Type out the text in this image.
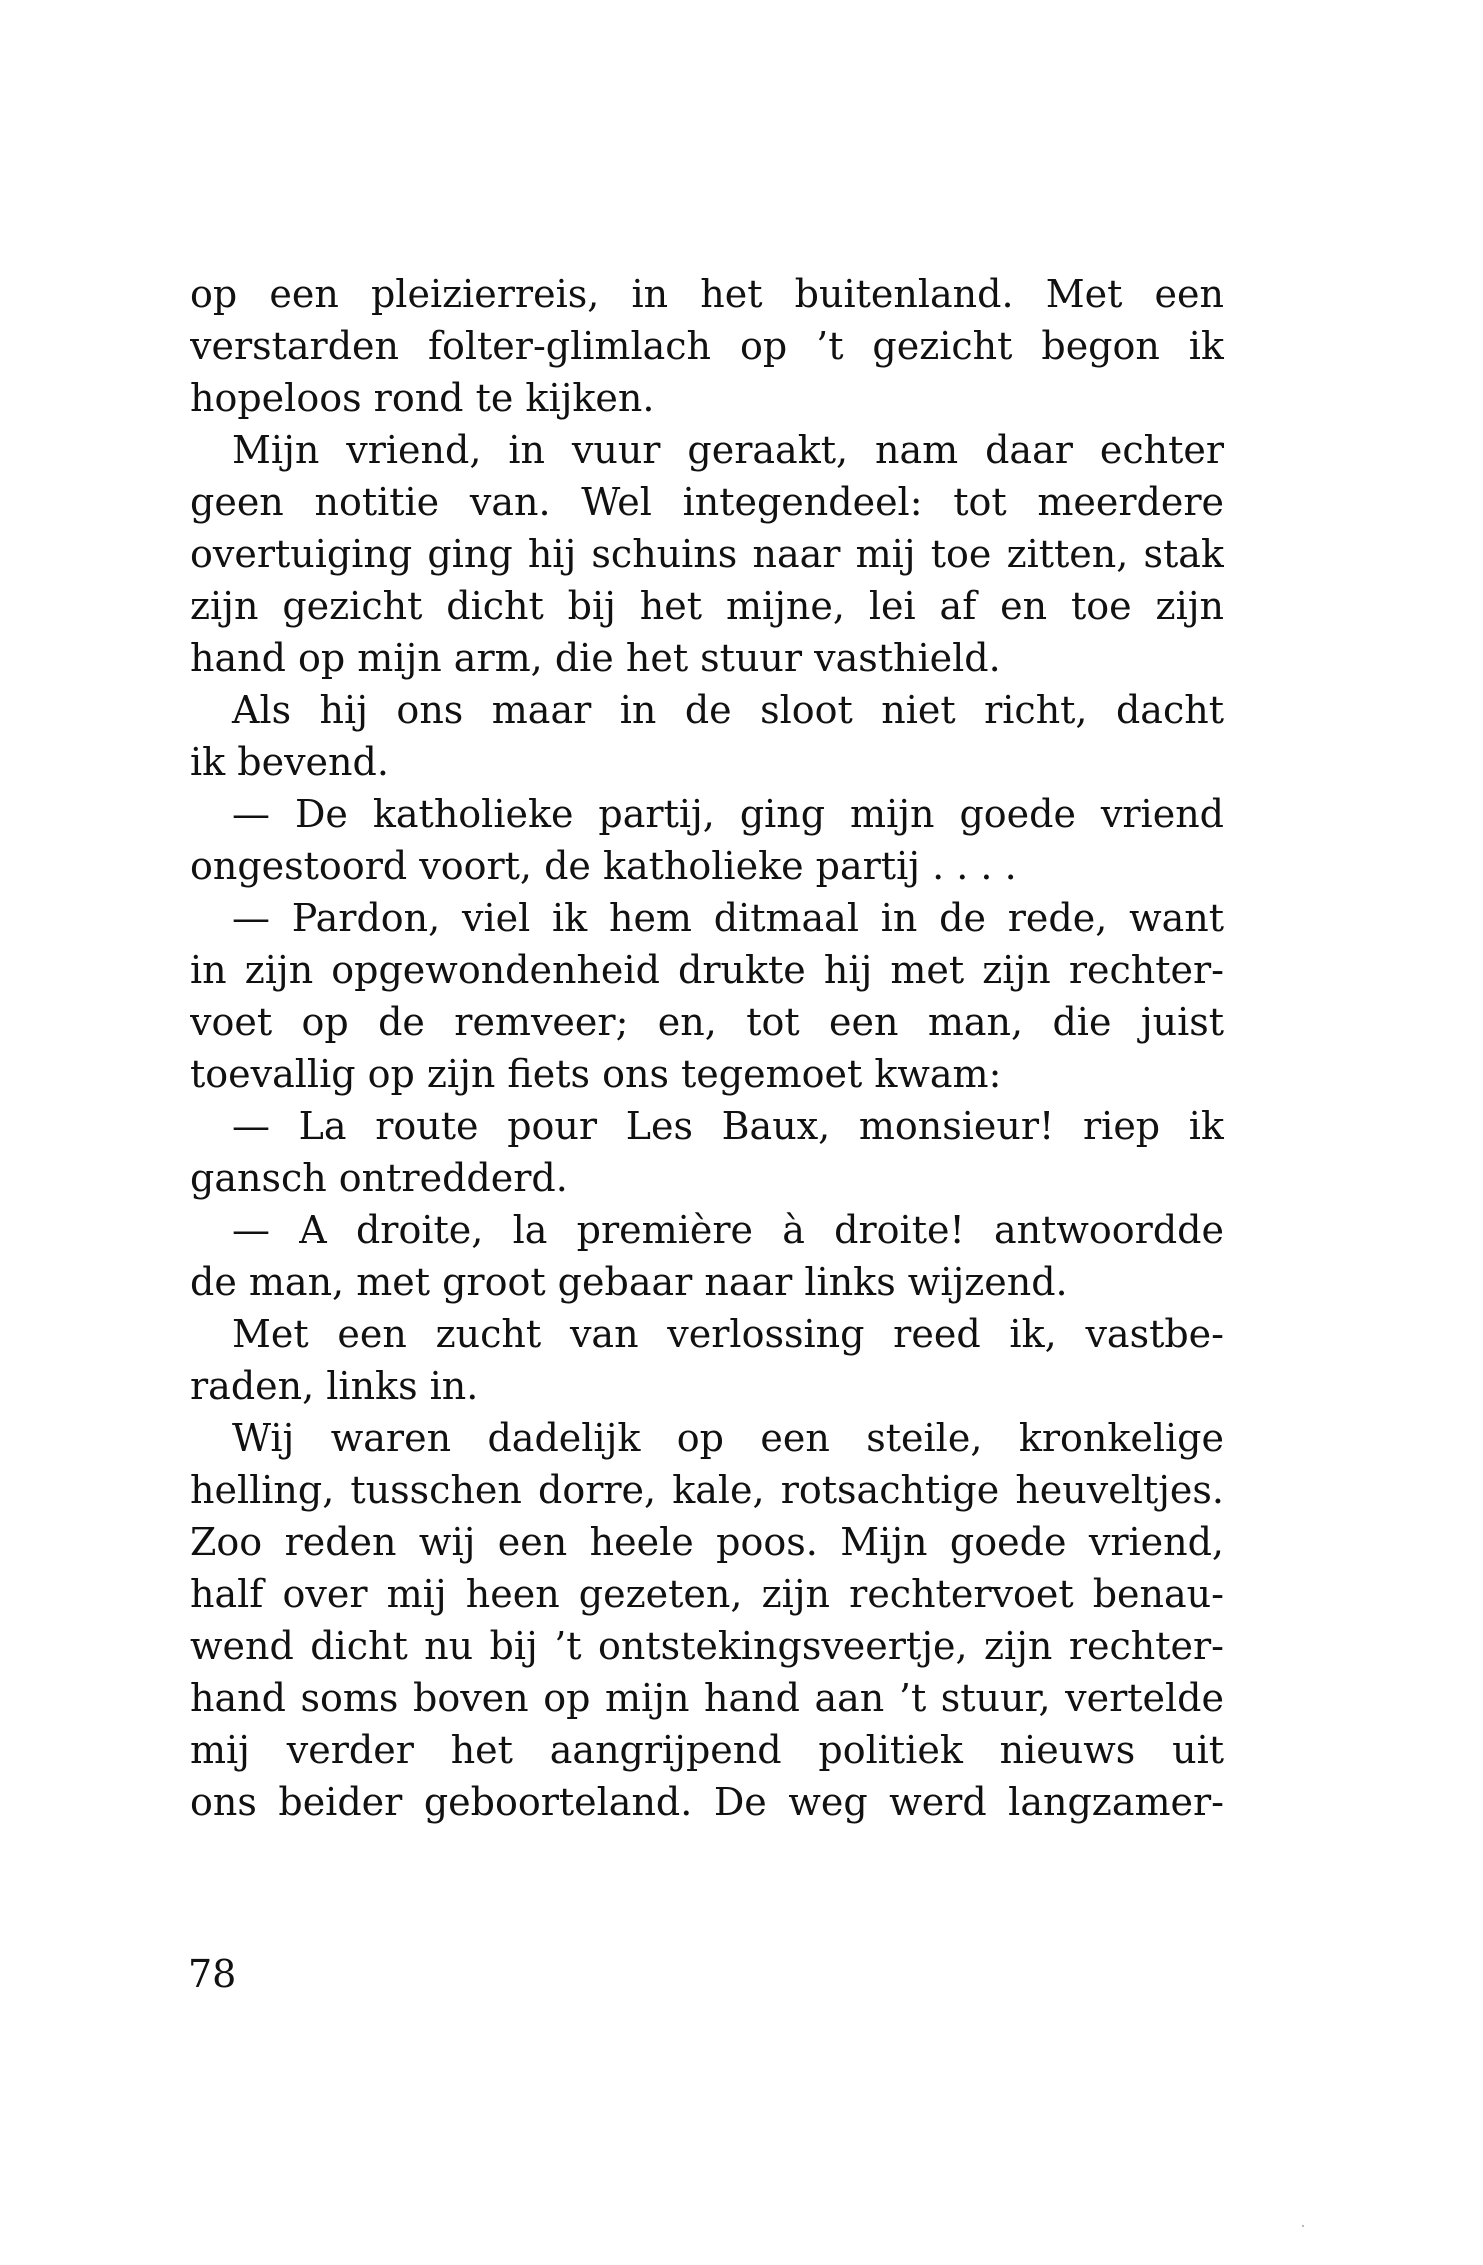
op een pleizierreis, in het buitenland. Met een
verstarden folter-glimlach op ’t gezicht begon ik
hopeloos rond te kijken.
Mijn vriend, in vuur geraakt, nam daar echter
geen notitie van. Wel integendeel: tot meerdere
overtuiging ging hij schuins naar mij toe zitten, stak
zijn gezicht dicht bij het mijne, lei af en toe zijn
hand op mijn arm, die het stuur vasthield.
Als hij ons maar in de sloot niet richt, dacht
ik bevend.
— De katholieke partij, ging mijn goede vriend
ongestoord voort, de katholieke partij . . . .
— Pardon, viel ik hem ditmaal in de rede, want
in zijn opgewondenheid drukte hij met zijn rechter-
voet op de remveer; en, tot een man, die juist
toevallig op zijn fiets ons tegemoet kwam:
— La route pour Les Baux, monsieur! riep ik
gansch ontredderd.
— A droite, la première à droite! antwoordde
de man, met groot gebaar naar links wijzend.
Met een zucht van verlossing reed ik, vastbe-
raden, links in.
Wij waren dadelijk op een steile, kronkelige
helling, tusschen dorre, kale, rotsachtige heuveltjes.
Zoo reden wij een heele poos. Mijn goede vriend,
half over mij heen gezeten, zijn rechtervoet benau-
wend dicht nu bij ’t ontstekingsveertje, zijn rechter-
hand soms boven op mijn hand aan ’t stuur, vertelde
mij verder het aangrijpend politiek nieuws uit
ons beider geboorteland. De weg werd langzamer-
78
